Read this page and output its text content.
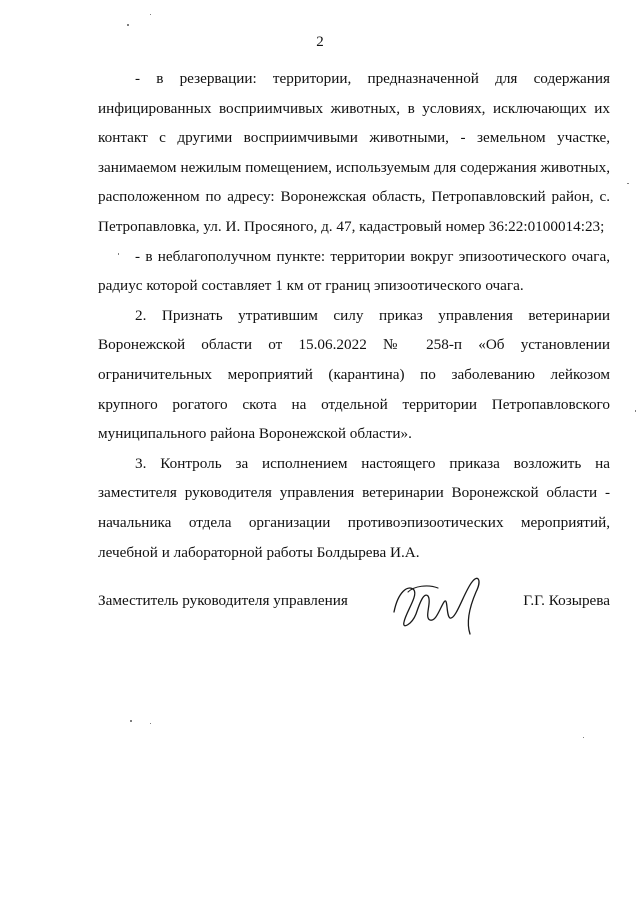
2

- в резервации: территории, предназначенной для содержания инфицированных восприимчивых животных, в условиях, исключающих их контакт с другими восприимчивыми животными, - земельном участке, занимаемом нежилым помещением, используемым для содержания животных, расположенном по адресу: Воронежская область, Петропавловский район, с. Петропавловка, ул. И. Просяного, д. 47, кадастровый номер 36:22:0100014:23;

- в неблагополучном пункте: территории вокруг эпизоотического очага, радиус которой составляет 1 км от границ эпизоотического очага.

2. Признать утратившим силу приказ управления ветеринарии Воронежской области от 15.06.2022 № 258-п «Об установлении ограничительных мероприятий (карантина) по заболеванию лейкозом крупного рогатого скота на отдельной территории Петропавловского муниципального района Воронежской области».

3. Контроль за исполнением настоящего приказа возложить на заместителя руководителя управления ветеринарии Воронежской области - начальника отдела организации противоэпизоотических мероприятий, лечебной и лабораторной работы Болдырева И.А.

Заместитель руководителя управления	Г.Г. Козырева
